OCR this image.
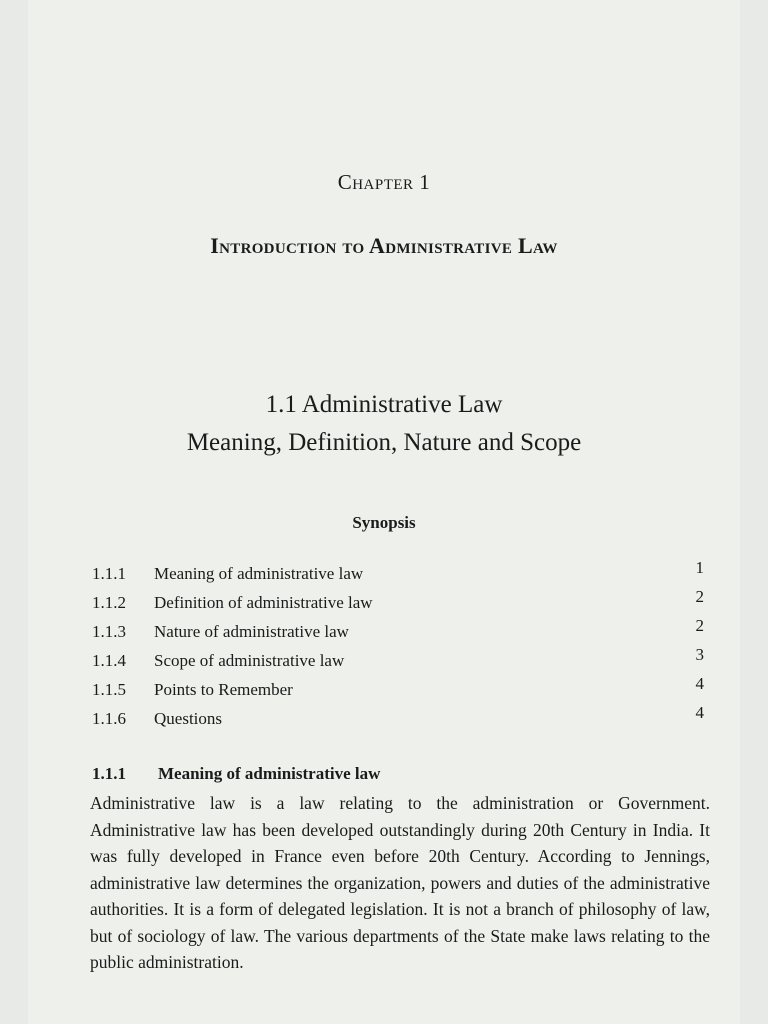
Chapter 1
Introduction to Administrative Law
1.1 Administrative Law
Meaning, Definition, Nature and Scope
Synopsis
1.1.1	Meaning of administrative law	1
1.1.2	Definition of administrative law	2
1.1.3	Nature of administrative law	2
1.1.4	Scope of administrative law	3
1.1.5	Points to Remember	4
1.1.6	Questions	4
1.1.1 Meaning of administrative law

Administrative law is a law relating to the administration or Government. Administrative law has been developed outstandingly during 20th Century in India. It was fully developed in France even before 20th Century. According to Jennings, administrative law determines the organization, powers and duties of the administrative authorities. It is a form of delegated legislation. It is not a branch of philosophy of law, but of sociology of law. The various departments of the State make laws relating to the public administration.
